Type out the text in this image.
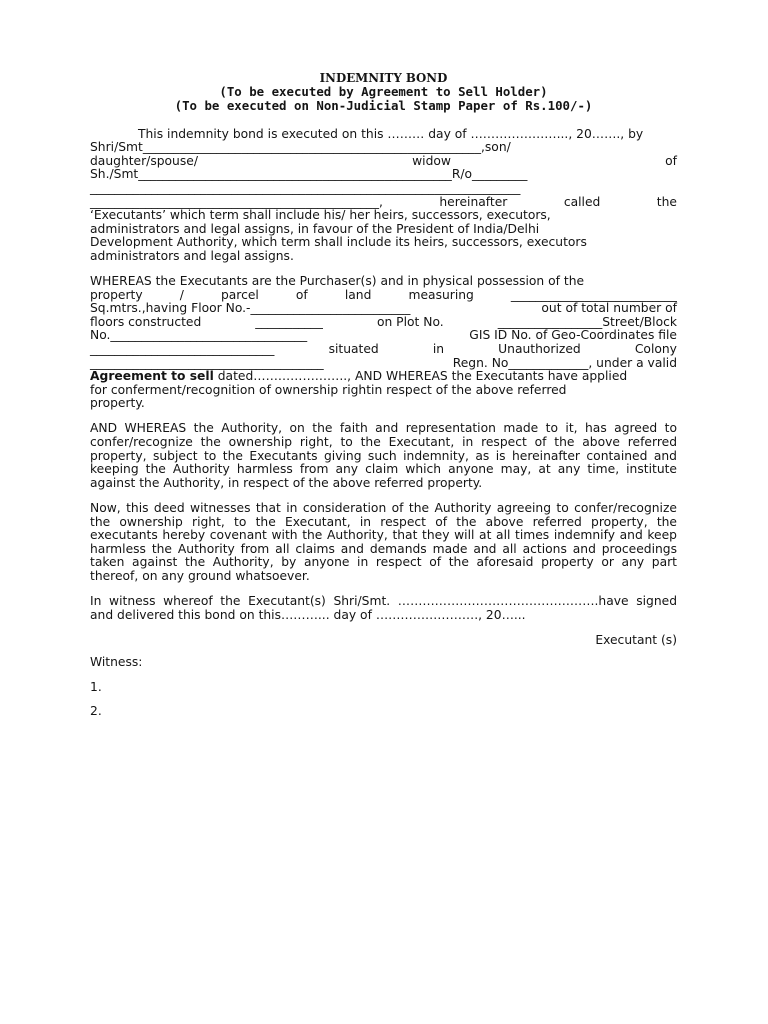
INDEMNITY BOND
(To be executed by Agreement to Sell Holder)
(To be executed on Non-Judicial Stamp Paper of Rs.100/-)
This indemnity bond is executed on this ……… day of …………………..., 20……., by
Shri/Smt_______________________________________________________,son/
daughter/spouse/	widow	of
Sh./Smt___________________________________________________R/o_________
______________________________________________________________________
_______________________________________________,	hereinafter	called	the
‘Executants’ which term shall include his/ her heirs, successors, executors,
administrators and legal assigns, in favour of the President of India/Delhi
Development Authority, which term shall include its heirs, successors, executors
administrators and legal assigns.
WHEREAS the Executants are the Purchaser(s) and in physical possession of the
property	/	parcel	of	land	measuring	___________________________
Sq.mtrs.,having Floor No.-__________________________	out of total number of
floors constructed	___________	on Plot No.	_________________Street/Block
No.________________________________	GIS ID No. of Geo-Coordinates file
______________________________	situated	in	Unauthorized	Colony
______________________________________	Regn. No_____________, under a valid
Agreement to sell dated………………….., AND WHEREAS the Executants have applied
for conferment/recognition of ownership rightin respect of the above referred
property.

AND WHEREAS the Authority, on the faith and representation made to it, has agreed to confer/recognize the ownership right, to the Executant, in respect of the above referred property, subject to the Executants giving such indemnity, as is hereinafter contained and keeping the Authority harmless from any claim which anyone may, at any time, institute against the Authority, in respect of the above referred property.

Now, this deed witnesses that in consideration of the Authority agreeing to confer/recognize the ownership right, to the Executant, in respect of the above referred property, the executants hereby covenant with the Authority, that they will at all times indemnify and keep harmless the Authority from all claims and demands made and all actions and proceedings taken against the Authority, by anyone in respect of the aforesaid property or any part thereof, on any ground whatsoever.

In witness whereof the Executant(s) Shri/Smt. ………………………………………….have signed and delivered this bond on this………... day of ……………………., 20…...

Executant (s)
Witness:
1.
2.
